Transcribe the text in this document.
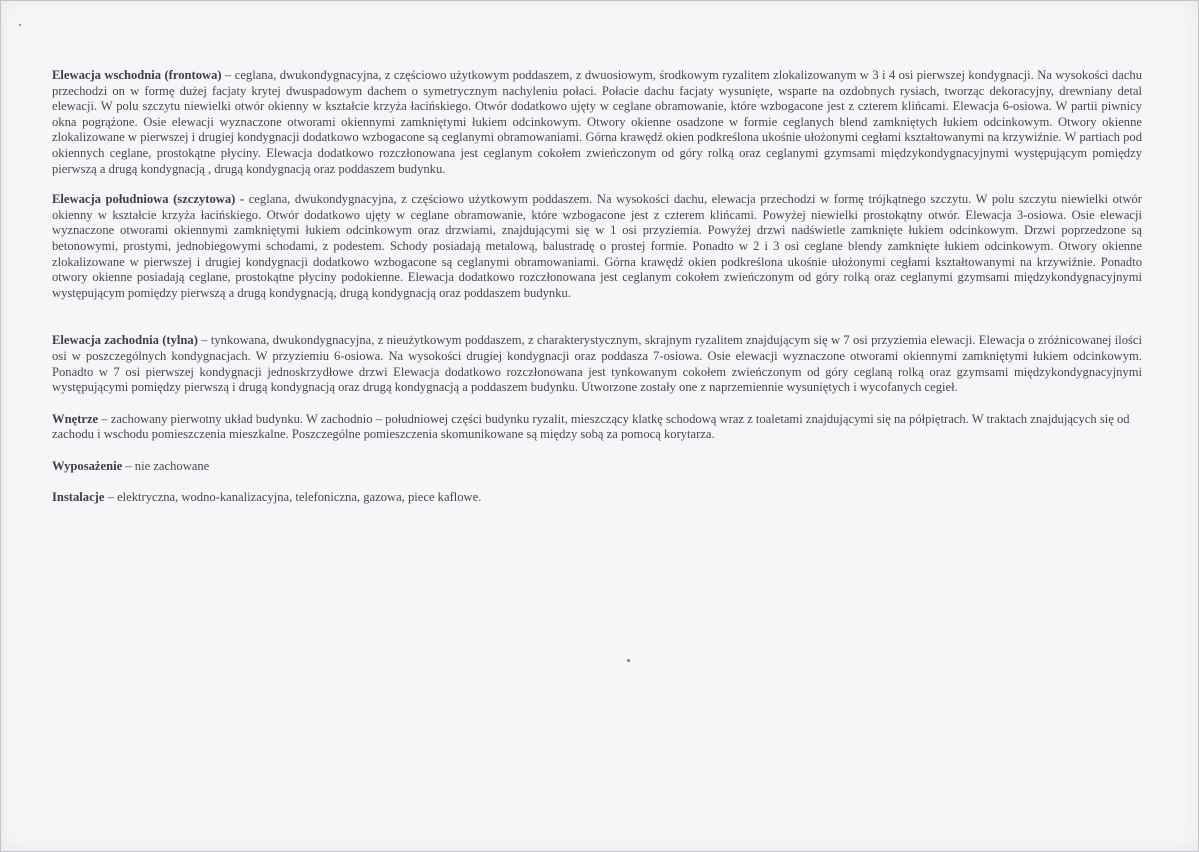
Elewacja wschodnia (frontowa) – ceglana, dwukondygnacyjna, z częściowo użytkowym poddaszem, z dwuosiowym, środkowym ryzalitem zlokalizowanym w 3 i 4 osi pierwszej kondygnacji. Na wysokości dachu przechodzi on w formę dużej facjaty krytej dwuspadowym dachem o symetrycznym nachyleniu połaci. Połacie dachu facjaty wysunięte, wsparte na ozdobnych rysiach, tworząc dekoracyjny, drewniany detal elewacji. W polu szczytu niewielki otwór okienny w kształcie krzyża łacińskiego. Otwór dodatkowo ujęty w ceglane obramowanie, które wzbogacone jest z czterem klińcami. Elewacja 6-osiowa. W partii piwnicy okna pogrążone. Osie elewacji wyznaczone otworami okiennymi zamkniętymi łukiem odcinkowym. Otwory okienne osadzone w formie ceglanych blend zamkniętych łukiem odcinkowym. Otwory okienne zlokalizowane w pierwszej i drugiej kondygnacji dodatkowo wzbogacone są ceglanymi obramowaniami. Górna krawędź okien podkreślona ukośnie ułożonymi cegłami kształtowanymi na krzywiźnie. W partiach pod okiennych ceglane, prostokątne płyciny. Elewacja dodatkowo rozczłonowana jest ceglanym cokołem zwieńczonym od góry rolką oraz ceglanymi gzymsami międzykondygnacyjnymi występującym pomiędzy pierwszą a drugą kondygnacją , drugą kondygnacją oraz poddaszem budynku.

Elewacja południowa (szczytowa) - ceglana, dwukondygnacyjna, z częściowo użytkowym poddaszem. Na wysokości dachu, elewacja przechodzi w formę trójkątnego szczytu. W polu szczytu niewielki otwór okienny w kształcie krzyża łacińskiego. Otwór dodatkowo ujęty w ceglane obramowanie, które wzbogacone jest z czterem klińcami. Powyżej niewielki prostokątny otwór. Elewacja 3-osiowa. Osie elewacji wyznaczone otworami okiennymi zamkniętymi łukiem odcinkowym oraz drzwiami, znajdującymi się w 1 osi przyziemia. Powyżej drzwi nadświetle zamknięte łukiem odcinkowym. Drzwi poprzedzone są betonowymi, prostymi, jednobiegowymi schodami, z podestem. Schody posiadają metalową, balustradę o prostej formie. Ponadto w 2 i 3 osi ceglane blendy zamknięte łukiem odcinkowym. Otwory okienne zlokalizowane w pierwszej i drugiej kondygnacji dodatkowo wzbogacone są ceglanymi obramowaniami. Górna krawędź okien podkreślona ukośnie ułożonymi cegłami kształtowanymi na krzywiźnie. Ponadto otwory okienne posiadają ceglane, prostokątne płyciny podokienne. Elewacja dodatkowo rozczłonowana jest ceglanym cokołem zwieńczonym od góry rolką oraz ceglanymi gzymsami międzykondygnacyjnymi występującym pomiędzy pierwszą a drugą kondygnacją, drugą kondygnacją oraz poddaszem budynku.

Elewacja zachodnia (tylna) – tynkowana, dwukondygnacyjna, z nieużytkowym poddaszem, z charakterystycznym, skrajnym ryzalitem znajdującym się w 7 osi przyziemia elewacji. Elewacja o zróżnicowanej ilości osi w poszczególnych kondygnacjach. W przyziemiu 6-osiowa. Na wysokości drugiej kondygnacji oraz poddasza 7-osiowa. Osie elewacji wyznaczone otworami okiennymi zamkniętymi łukiem odcinkowym. Ponadto w 7 osi pierwszej kondygnacji jednoskrzydłowe drzwi Elewacja dodatkowo rozczłonowana jest tynkowanym cokołem zwieńczonym od góry ceglaną rolką oraz gzymsami międzykondygnacyjnymi występującymi pomiędzy pierwszą i drugą kondygnacją oraz drugą kondygnacją a poddaszem budynku. Utworzone zostały one z naprzemiennie wysuniętych i wycofanych cegieł.

Wnętrze – zachowany pierwotny układ budynku. W zachodnio – południowej części budynku ryzalit, mieszczący klatkę schodową wraz z toaletami znajdującymi się na półpiętrach. W traktach znajdujących się od zachodu i wschodu pomieszczenia mieszkalne. Poszczególne pomieszczenia skomunikowane są między sobą za pomocą korytarza.

Wyposażenie – nie zachowane

Instalacje – elektryczna, wodno-kanalizacyjna, telefoniczna, gazowa, piece kaflowe.
